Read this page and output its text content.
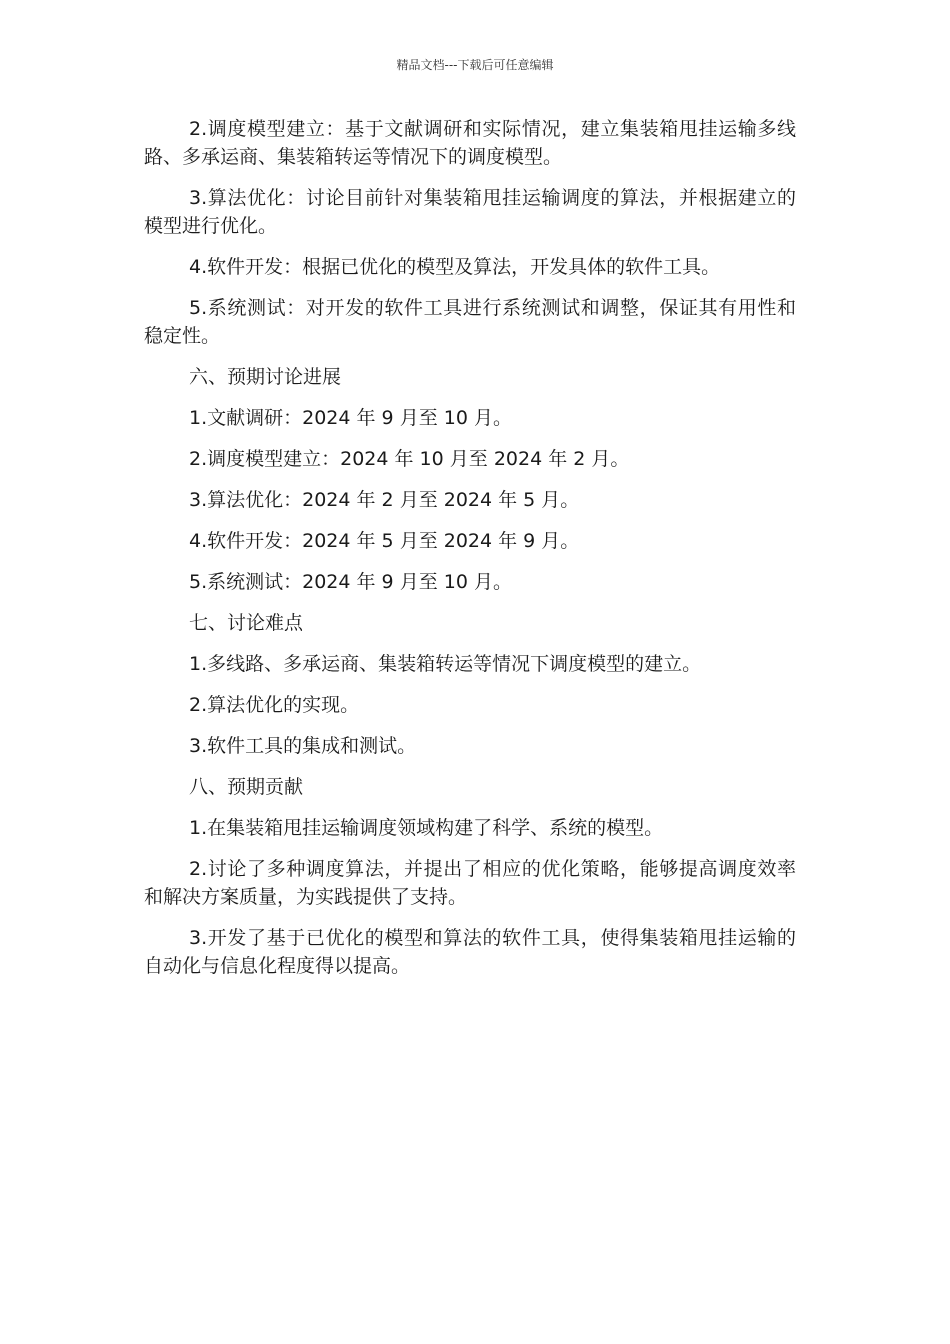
精品文档---下载后可任意编辑

2.调度模型建立：基于文献调研和实际情况，建立集装箱甩挂运输多线路、多承运商、集装箱转运等情况下的调度模型。

3.算法优化：讨论目前针对集装箱甩挂运输调度的算法，并根据建立的模型进行优化。

4.软件开发：根据已优化的模型及算法，开发具体的软件工具。

5.系统测试：对开发的软件工具进行系统测试和调整，保证其有用性和稳定性。

六、预期讨论进展

1.文献调研：2024 年 9 月至 10 月。

2.调度模型建立：2024 年 10 月至 2024 年 2 月。

3.算法优化：2024 年 2 月至 2024 年 5 月。

4.软件开发：2024 年 5 月至 2024 年 9 月。

5.系统测试：2024 年 9 月至 10 月。

七、讨论难点

1.多线路、多承运商、集装箱转运等情况下调度模型的建立。

2.算法优化的实现。

3.软件工具的集成和测试。

八、预期贡献

1.在集装箱甩挂运输调度领域构建了科学、系统的模型。

2.讨论了多种调度算法，并提出了相应的优化策略，能够提高调度效率和解决方案质量，为实践提供了支持。

3.开发了基于已优化的模型和算法的软件工具，使得集装箱甩挂运输的自动化与信息化程度得以提高。
